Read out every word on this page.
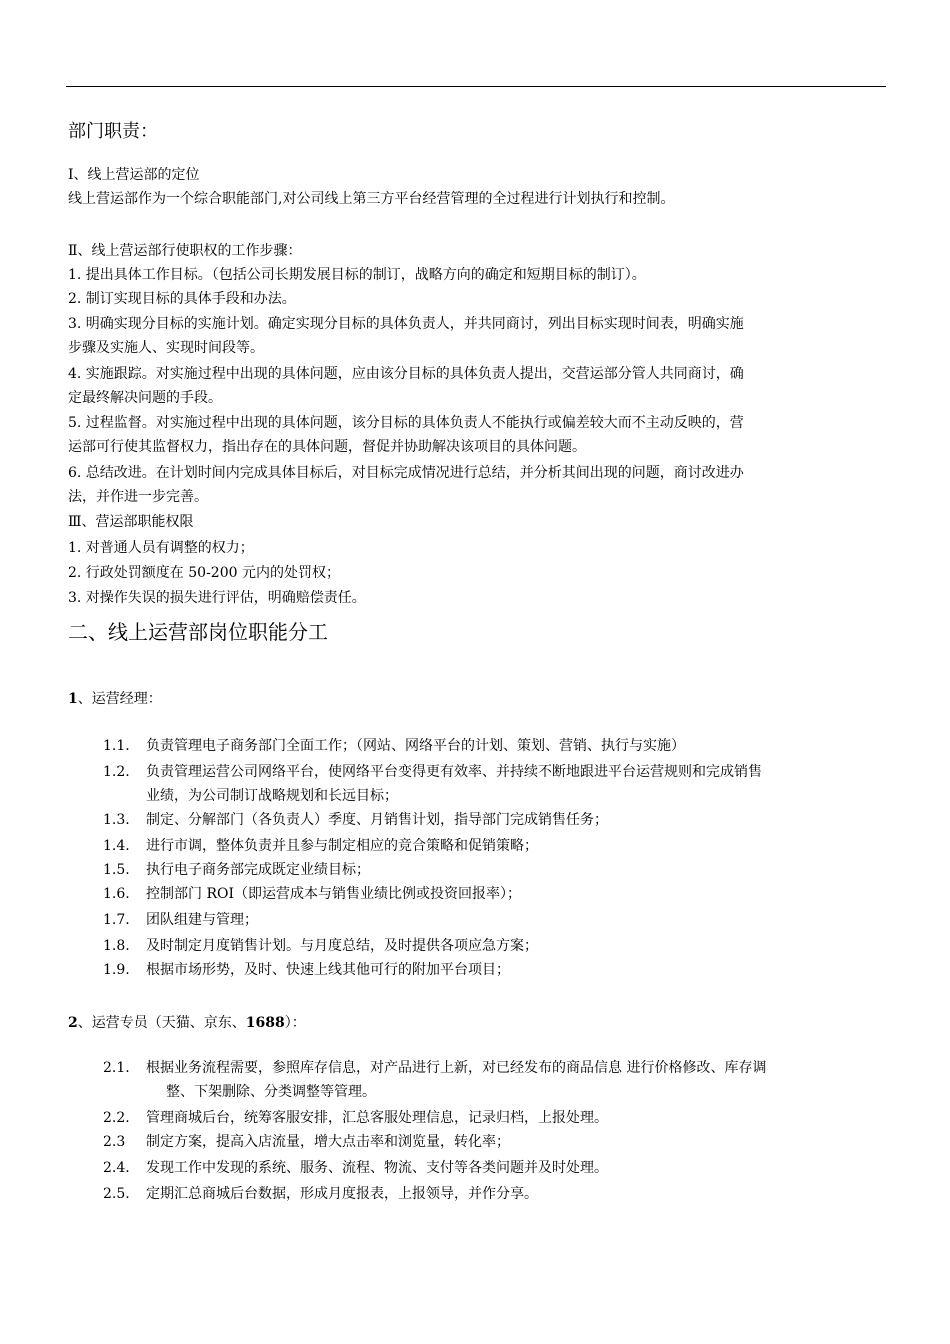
部门职责：
Ⅰ、线上营运部的定位
线上营运部作为一个综合职能部门,对公司线上第三方平台经营管理的全过程进行计划执行和控制。
Ⅱ、线上营运部行使职权的工作步骤：
1. 提出具体工作目标。（包括公司长期发展目标的制订，战略方向的确定和短期目标的制订）。
2. 制订实现目标的具体手段和办法。
3. 明确实现分目标的实施计划。确定实现分目标的具体负责人，并共同商讨，列出目标实现时间表，明确实施
步骤及实施人、实现时间段等。
4. 实施跟踪。对实施过程中出现的具体问题，应由该分目标的具体负责人提出，交营运部分管人共同商讨，确
定最终解决问题的手段。
5. 过程监督。对实施过程中出现的具体问题，该分目标的具体负责人不能执行或偏差较大而不主动反映的，营
运部可行使其监督权力，指出存在的具体问题，督促并协助解决该项目的具体问题。
6. 总结改进。在计划时间内完成具体目标后，对目标完成情况进行总结，并分析其间出现的问题，商讨改进办
法，并作进一步完善。
Ⅲ、营运部职能权限
1. 对普通人员有调整的权力；
2. 行政处罚额度在 50-200 元内的处罚权；
3. 对操作失误的损失进行评估，明确赔偿责任。
二、线上运营部岗位职能分工
1、运营经理：
1.1. 负责管理电子商务部门全面工作；（网站、网络平台的计划、策划、营销、执行与实施）
1.2. 负责管理运营公司网络平台，使网络平台变得更有效率、并持续不断地跟进平台运营规则和完成销售
业绩，为公司制订战略规划和长远目标；
1.3. 制定、分解部门（各负责人）季度、月销售计划，指导部门完成销售任务；
1.4. 进行市调，整体负责并且参与制定相应的竞合策略和促销策略；
1.5. 执行电子商务部完成既定业绩目标；
1.6. 控制部门 ROI（即运营成本与销售业绩比例或投资回报率）；
1.7. 团队组建与管理；
1.8. 及时制定月度销售计划。与月度总结，及时提供各项应急方案；
1.9. 根据市场形势，及时、快速上线其他可行的附加平台项目；
2、运营专员（天猫、京东、1688）：
2.1. 根据业务流程需要，参照库存信息，对产品进行上新，对已经发布的商品信息 进行价格修改、库存调
整、下架删除、分类调整等管理。
2.2. 管理商城后台，统筹客服安排，汇总客服处理信息，记录归档，上报处理。
2.3 制定方案，提高入店流量，增大点击率和浏览量，转化率；
2.4. 发现工作中发现的系统、服务、流程、物流、支付等各类问题并及时处理。
2.5. 定期汇总商城后台数据，形成月度报表，上报领导，并作分享。
